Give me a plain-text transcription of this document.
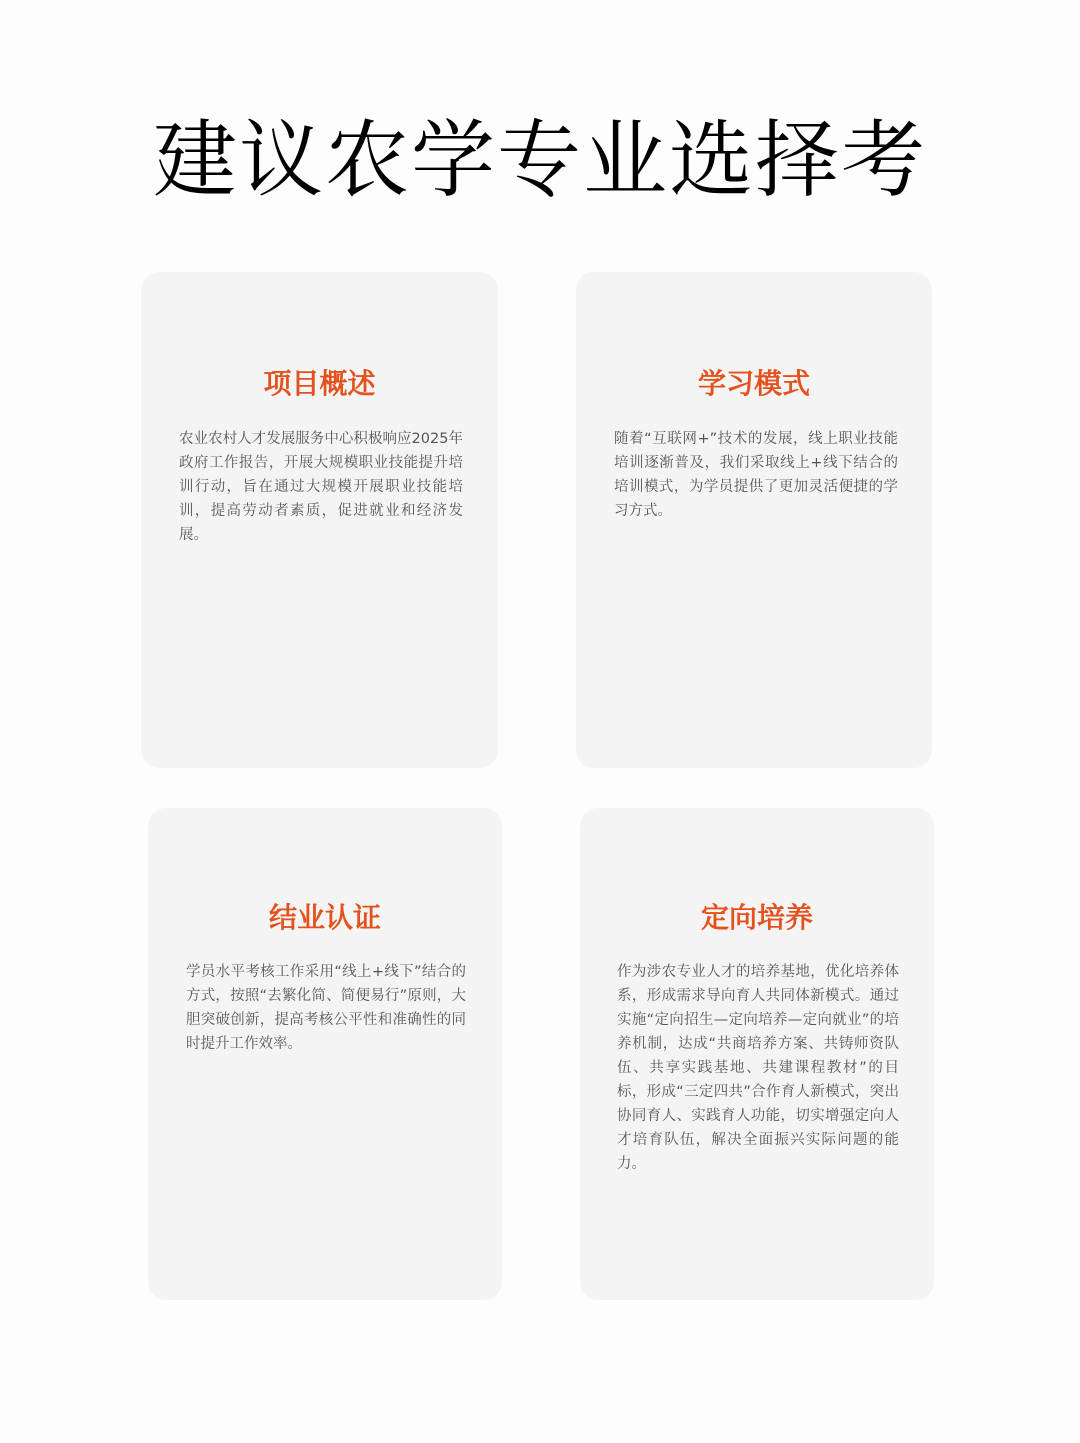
建议农学专业选择考
项目概述

农业农村人才发展服务中心积极响应2025年政府工作报告，开展大规模职业技能提升培训行动，旨在通过大规模开展职业技能培训，提高劳动者素质，促进就业和经济发展。

学习模式

随着“互联网+”技术的发展，线上职业技能培训逐渐普及，我们采取线上+线下结合的培训模式，为学员提供了更加灵活便捷的学习方式。

结业认证

学员水平考核工作采用“线上+线下”结合的方式，按照“去繁化简、简便易行”原则，大胆突破创新，提高考核公平性和准确性的同时提升工作效率。

定向培养

作为涉农专业人才的培养基地，优化培养体系，形成需求导向育人共同体新模式。通过实施“定向招生—定向培养—定向就业”的培养机制，达成“共商培养方案、共铸师资队伍、共享实践基地、共建课程教材”的目标，形成“三定四共”合作育人新模式，突出协同育人、实践育人功能，切实增强定向人才培育队伍，解决全面振兴实际问题的能力。
